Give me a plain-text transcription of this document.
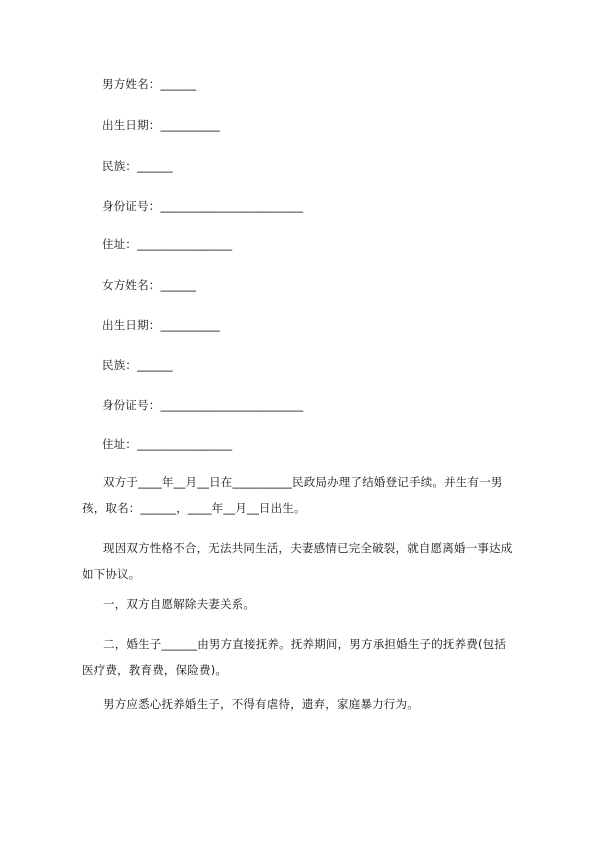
男方姓名：______
出生日期：__________
民族：______
身份证号：________________________
住址：________________
女方姓名：______
出生日期：__________
民族：______
身份证号：________________________
住址：________________
双方于____年__月__日在__________民政局办理了结婚登记手续。并生有一男
孩，取名：______，____年__月__日出生。
现因双方性格不合，无法共同生活，夫妻感情已完全破裂，就自愿离婚一事达成
如下协议。
一，双方自愿解除夫妻关系。
二，婚生子______由男方直接抚养。抚养期间，男方承担婚生子的抚养费(包括
医疗费，教育费，保险费)。
男方应悉心抚养婚生子，不得有虐待，遗弃，家庭暴力行为。
